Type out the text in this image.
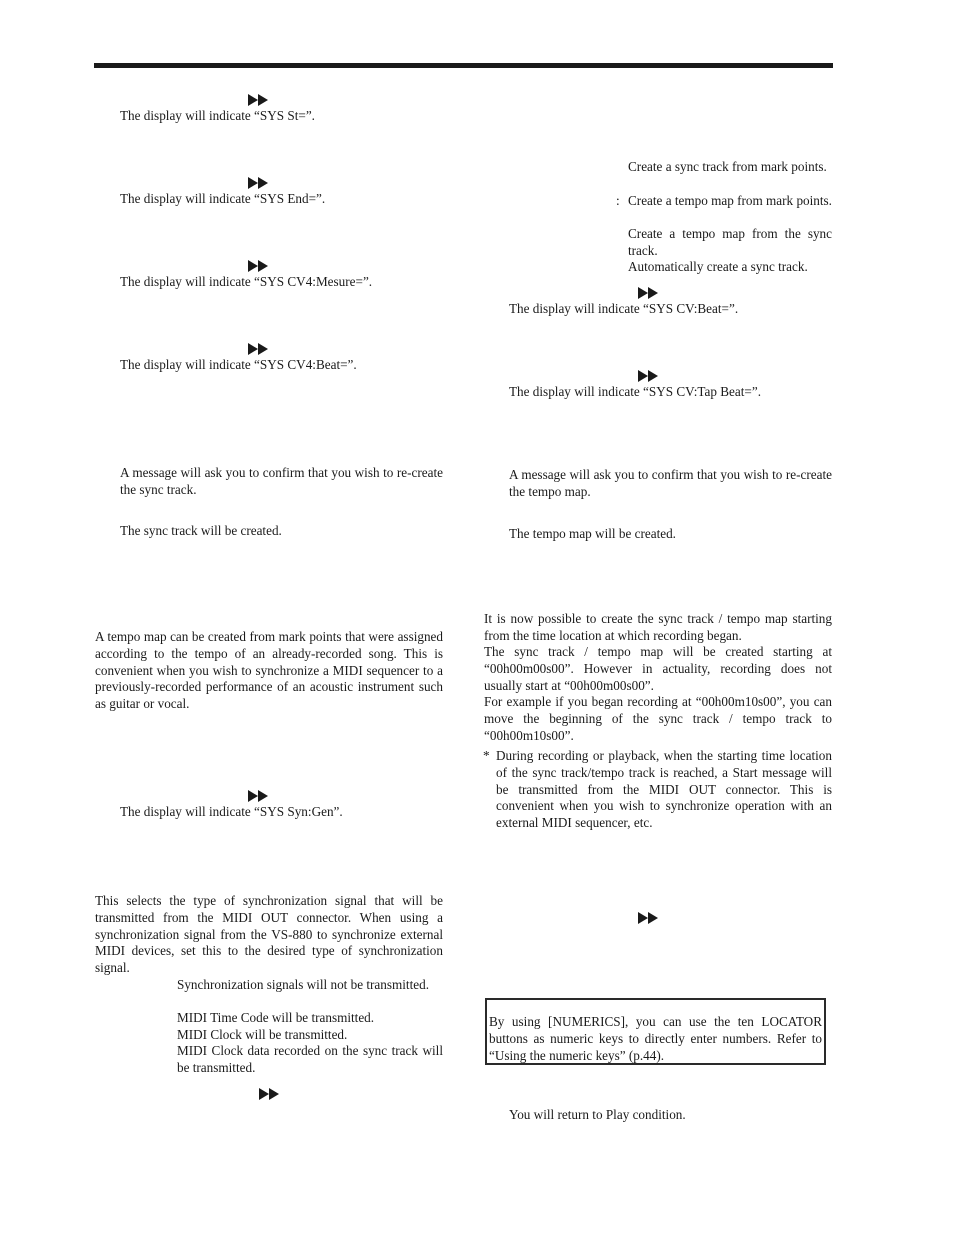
The display will indicate “SYS St=”.
The display will indicate “SYS End=”.
The display will indicate “SYS CV4:Mesure=”.
The display will indicate “SYS CV4:Beat=”.
A message will ask you to confirm that you wish to re-create the sync track.
The sync track will be created.
A tempo map can be created from mark points that were assigned according to the tempo of an already-recorded song. This is convenient when you wish to synchronize a MIDI sequencer to a previously-recorded performance of an acoustic instrument such as guitar or vocal.
The display will indicate “SYS Syn:Gen”.
This selects the type of synchronization signal that will be transmitted from the MIDI OUT connector. When using a synchronization signal from the VS-880 to synchronize external MIDI devices, set this to the desired type of synchronization signal.
Synchronization signals will not be transmitted.
MIDI Time Code will be transmitted.
MIDI Clock will be transmitted.
MIDI Clock data recorded on the sync track will be transmitted.
Create a sync track from mark points.
: Create a tempo map from mark points.
Create a tempo map from the sync track.
Automatically create a sync track.
The display will indicate “SYS CV:Beat=”.
The display will indicate “SYS CV:Tap Beat=”.
A message will ask you to confirm that you wish to re-create the tempo map.
The tempo map will be created.
It is now possible to create the sync track / tempo map starting from the time location at which recording began.
The sync track / tempo map will be created starting at “00h00m00s00”. However in actuality, recording does not usually start at “00h00m00s00”.
For example if you began recording at “00h00m10s00”, you can move the beginning of the sync track / tempo track to “00h00m10s00”.
* During recording or playback, when the starting time location of the sync track/tempo track is reached, a Start message will be transmitted from the MIDI OUT connector. This is convenient when you wish to synchronize operation with an external MIDI sequencer, etc.
By using [NUMERICS], you can use the ten LOCATOR buttons as numeric keys to directly enter numbers. Refer to “Using the numeric keys” (p.44).
You will return to Play condition.
